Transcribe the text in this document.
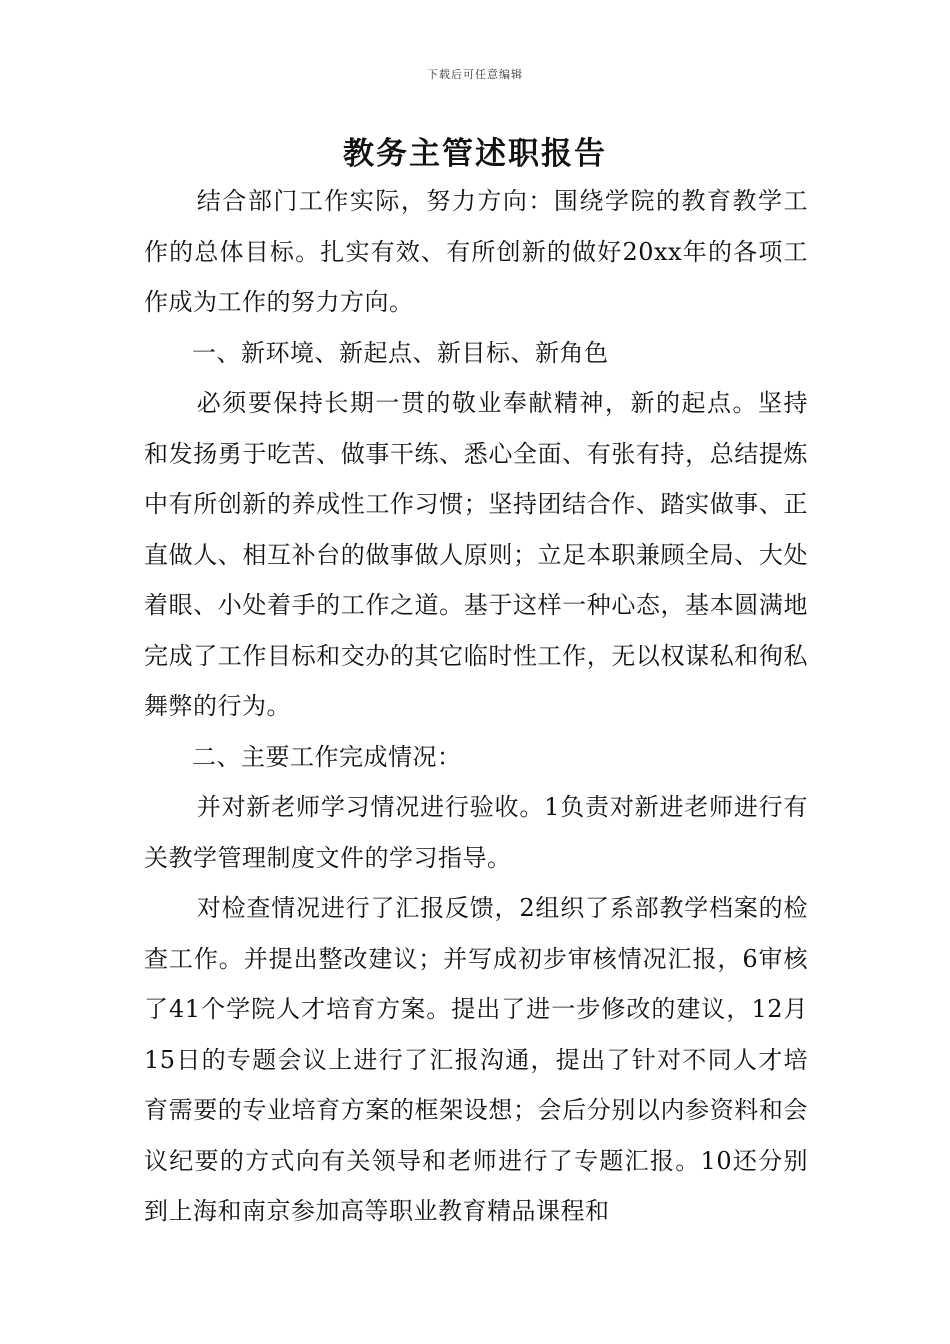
下载后可任意编辑
教务主管述职报告

结合部门工作实际，努力方向：围绕学院的教育教学工作的总体目标。扎实有效、有所创新的做好20xx年的各项工作成为工作的努力方向。

一、新环境、新起点、新目标、新角色

必须要保持长期一贯的敬业奉献精神，新的起点。坚持和发扬勇于吃苦、做事干练、悉心全面、有张有持，总结提炼中有所创新的养成性工作习惯；坚持团结合作、踏实做事、正直做人、相互补台的做事做人原则；立足本职兼顾全局、大处着眼、小处着手的工作之道。基于这样一种心态，基本圆满地完成了工作目标和交办的其它临时性工作，无以权谋私和徇私舞弊的行为。

二、主要工作完成情况：

并对新老师学习情况进行验收。1负责对新进老师进行有关教学管理制度文件的学习指导。

对检查情况进行了汇报反馈，2组织了系部教学档案的检查工作。并提出整改建议；并写成初步审核情况汇报，6审核了41个学院人才培育方案。提出了进一步修改的建议，12月15日的专题会议上进行了汇报沟通，提出了针对不同人才培育需要的专业培育方案的框架设想；会后分别以内参资料和会议纪要的方式向有关领导和老师进行了专题汇报。10还分别到上海和南京参加高等职业教育精品课程和
